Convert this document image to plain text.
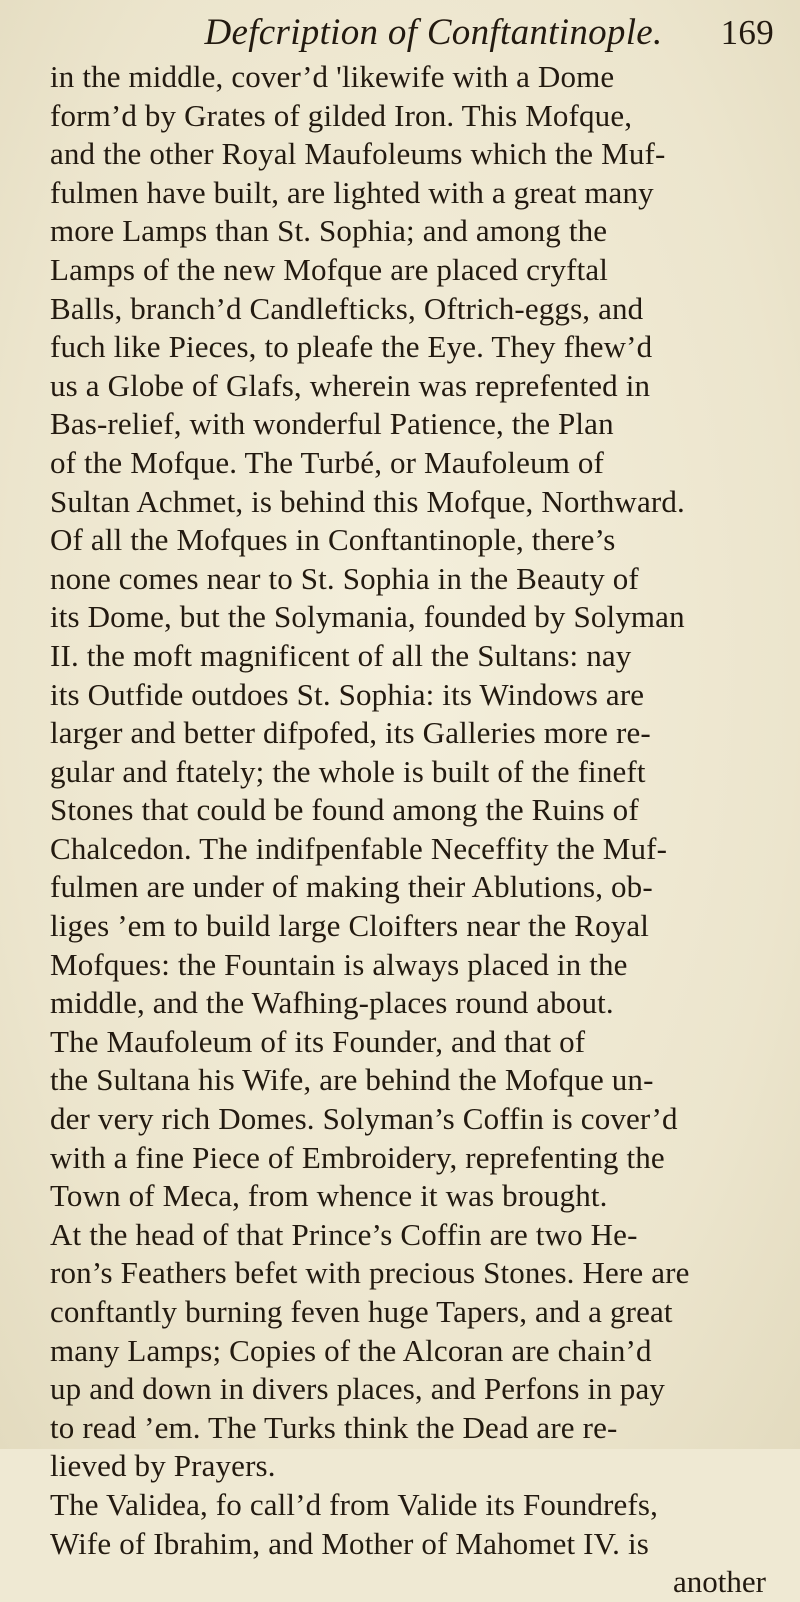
Defcription of Conftantinople. 169
in the middle, cover’d 'likewife with a Dome
form’d by Grates of gilded Iron. This Mofque,
and the other Royal Maufoleums which the Muf-
fulmen have built, are lighted with a great many
more Lamps than St. Sophia; and among the
Lamps of the new Mofque are placed cryftal
Balls, branch’d Candlefticks, Oftrich-eggs, and
fuch like Pieces, to pleafe the Eye. They fhew’d
us a Globe of Glafs, wherein was reprefented in
Bas-relief, with wonderful Patience, the Plan
of the Mofque. The Turbé, or Maufoleum of
Sultan Achmet, is behind this Mofque, Northward.
Of all the Mofques in Conftantinople, there’s
none comes near to St. Sophia in the Beauty of
its Dome, but the Solymania, founded by Solyman
II. the moft magnificent of all the Sultans: nay
its Outfide outdoes St. Sophia: its Windows are
larger and better difpofed, its Galleries more re-
gular and ftately; the whole is built of the fineft
Stones that could be found among the Ruins of
Chalcedon. The indifpenfable Neceffity the Muf-
fulmen are under of making their Ablutions, ob-
liges ’em to build large Cloifters near the Royal
Mofques: the Fountain is always placed in the
middle, and the Wafhing-places round about.
The Maufoleum of its Founder, and that of
the Sultana his Wife, are behind the Mofque un-
der very rich Domes. Solyman’s Coffin is cover’d
with a fine Piece of Embroidery, reprefenting the
Town of Meca, from whence it was brought.
At the head of that Prince’s Coffin are two He-
ron’s Feathers befet with precious Stones. Here are
conftantly burning feven huge Tapers, and a great
many Lamps; Copies of the Alcoran are chain’d
up and down in divers places, and Perfons in pay
to read ’em. The Turks think the Dead are re-
lieved by Prayers.
The Validea, fo call’d from Valide its Foundrefs,
Wife of Ibrahim, and Mother of Mahomet IV. is
another
